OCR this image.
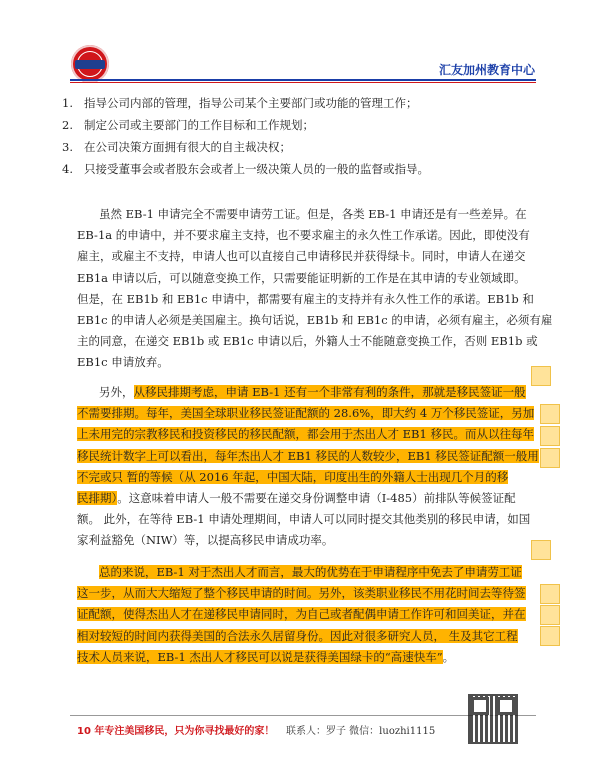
汇友加州教育中心
1. 指导公司内部的管理，指导公司某个主要部门或功能的管理工作；
2. 制定公司或主要部门的工作目标和工作规划；
3. 在公司决策方面拥有很大的自主裁决权；
4. 只接受董事会或者股东会或者上一级决策人员的一般的监督或指导。
虽然 EB-1 申请完全不需要申请劳工证。但是，各类 EB-1 申请还是有一些差异。在
EB-1a 的申请中，并不要求雇主支持，也不要求雇主的永久性工作承诺。因此，即使没有
雇主，或雇主不支持，申请人也可以直接自己申请移民并获得绿卡。同时，申请人在递交
EB1a 申请以后，可以随意变换工作，只需要能证明新的工作是在其申请的专业领域即。
但是，在 EB1b 和 EB1c 申请中，都需要有雇主的支持并有永久性工作的承诺。EB1b 和
EB1c 的申请人必须是美国雇主。换句话说，EB1b 和 EB1c 的申请，必须有雇主，必须有雇
主的同意，在递交 EB1b 或 EB1c 申请以后，外籍人士不能随意变换工作，否则 EB1b 或
EB1c 申请放弃。
另外，从移民排期考虑，申请 EB-1 还有一个非常有利的条件，那就是移民签证一般
不需要排期。每年，美国全球职业移民签证配额的 28.6%，即大约 4 万个移民签证，另加
上未用完的宗教移民和投资移民的移民配额，都会用于杰出人才 EB1 移民。而从以往每年
移民统计数字上可以看出，每年杰出人才 EB1 移民的人数较少，EB1 移民签证配额一般用
不完或只 暂的等候（从 2016 年起，中国大陆，印度出生的外籍人士出现几个月的移
民排期）。这意味着申请人一般不需要在递交身份调整申请（I-485）前排队等候签证配
额。 此外，在等待 EB-1 申请处理期间，申请人可以同时提交其他类别的移民申请，如国
家利益豁免（NIW）等，以提高移民申请成功率。
总的来说，EB-1 对于杰出人才而言，最大的优势在于申请程序中免去了申请劳工证
这一步，从而大大缩短了整个移民申请的时间。另外，该类职业移民不用花时间去等待签
证配额，使得杰出人才在递移民申请同时，为自己或者配偶申请工作许可和回美证，并在
相对较短的时间内获得美国的合法永久居留身份。因此对很多研究人员， 生及其它工程
技术人员来说，EB-1 杰出人才移民可以说是获得美国绿卡的“高速快车”。
10 年专注美国移民，只为你寻找最好的家！ 联系人：罗子 微信：luozhi1115
